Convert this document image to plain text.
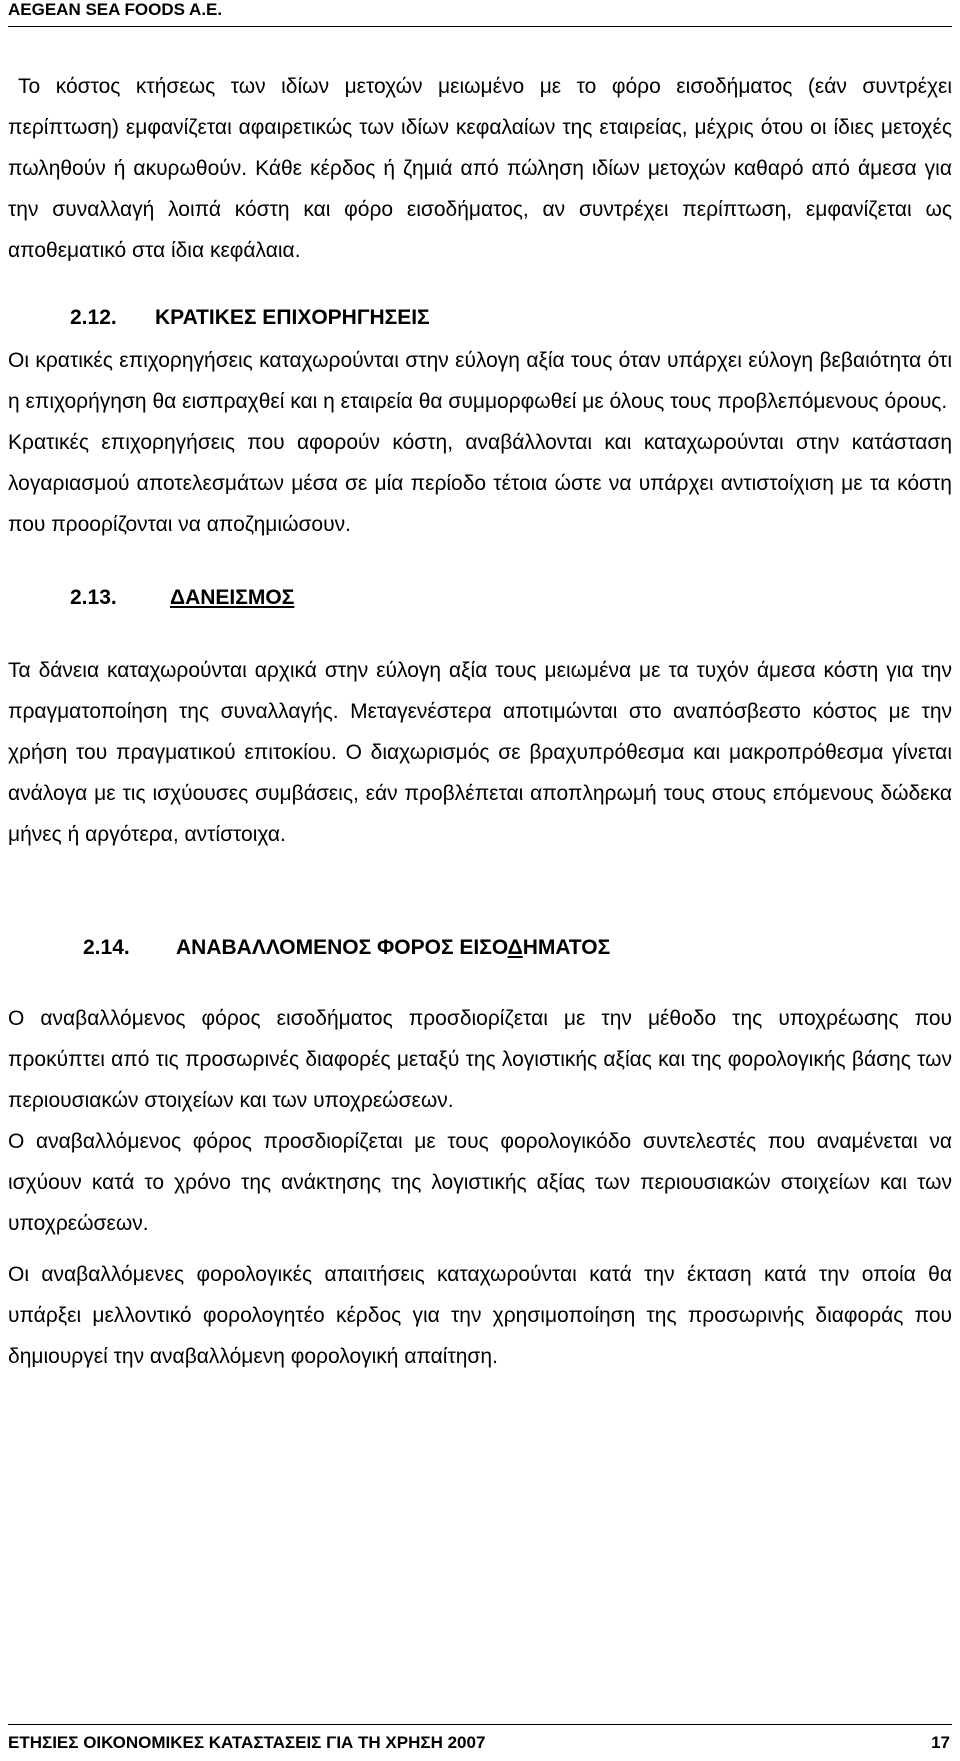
AEGEAN SEA FOODS A.E.

Το κόστος κτήσεως των ιδίων μετοχών μειωμένο με το φόρο εισοδήματος (εάν συντρέχει περίπτωση) εμφανίζεται αφαιρετικώς των ιδίων κεφαλαίων της εταιρείας, μέχρις ότου οι ίδιες μετοχές πωληθούν ή ακυρωθούν. Κάθε κέρδος ή ζημιά από πώληση ιδίων μετοχών καθαρό από άμεσα για την συναλλαγή λοιπά κόστη και φόρο εισοδήματος, αν συντρέχει περίπτωση, εμφανίζεται ως αποθεματικό στα ίδια κεφάλαια.

2.12. ΚΡΑΤΙΚΕΣ ΕΠΙΧΟΡΗΓΗΣΕΙΣ

Οι κρατικές επιχορηγήσεις καταχωρούνται στην εύλογη αξία τους όταν υπάρχει εύλογη βεβαιότητα ότι η επιχορήγηση θα εισπραχθεί και η εταιρεία θα συμμορφωθεί με όλους τους προβλεπόμενους όρους.

Κρατικές επιχορηγήσεις που αφορούν κόστη, αναβάλλονται και καταχωρούνται στην κατάσταση λογαριασμού αποτελεσμάτων μέσα σε μία περίοδο τέτοια ώστε να υπάρχει αντιστοίχιση με τα κόστη που προορίζονται να αποζημιώσουν.

2.13.	ΔΑΝΕΙΣΜΟΣ

Τα δάνεια καταχωρούνται αρχικά στην εύλογη αξία τους μειωμένα με τα τυχόν άμεσα κόστη για την πραγματοποίηση της συναλλαγής. Μεταγενέστερα αποτιμώνται στο αναπόσβεστο κόστος με την χρήση του πραγματικού επιτοκίου. Ο διαχωρισμός σε βραχυπρόθεσμα και μακροπρόθεσμα γίνεται ανάλογα με τις ισχύουσες συμβάσεις, εάν προβλέπεται αποπληρωμή τους στους επόμενους δώδεκα μήνες ή αργότερα, αντίστοιχα.

2.14. ΑΝΑΒΑΛΛΟΜΕΝΟΣ ΦΟΡΟΣ ΕΙΣΟΔΗΜΑΤΟΣ

Ο αναβαλλόμενος φόρος εισοδήματος προσδιορίζεται με την μέθοδο της υποχρέωσης που προκύπτει από τις προσωρινές διαφορές μεταξύ της λογιστικής αξίας και της φορολογικής βάσης των περιουσιακών στοιχείων και των υποχρεώσεων.

Ο αναβαλλόμενος φόρος προσδιορίζεται με τους φορολογικόδο συντελεστές που αναμένεται να ισχύουν κατά το χρόνο της ανάκτησης της λογιστικής αξίας των περιουσιακών στοιχείων και των υποχρεώσεων.

Οι αναβαλλόμενες φορολογικές απαιτήσεις καταχωρούνται κατά την έκταση κατά την οποία θα υπάρξει μελλοντικό φορολογητέο κέρδος για την χρησιμοποίηση της προσωρινής διαφοράς που δημιουργεί την αναβαλλόμενη φορολογική απαίτηση.

ΕΤΗΣΙΕΣ ΟΙΚΟΝΟΜΙΚΕΣ ΚΑΤΑΣΤΑΣΕΙΣ ΓΙΑ ΤΗ ΧΡΗΣΗ 2007	17
